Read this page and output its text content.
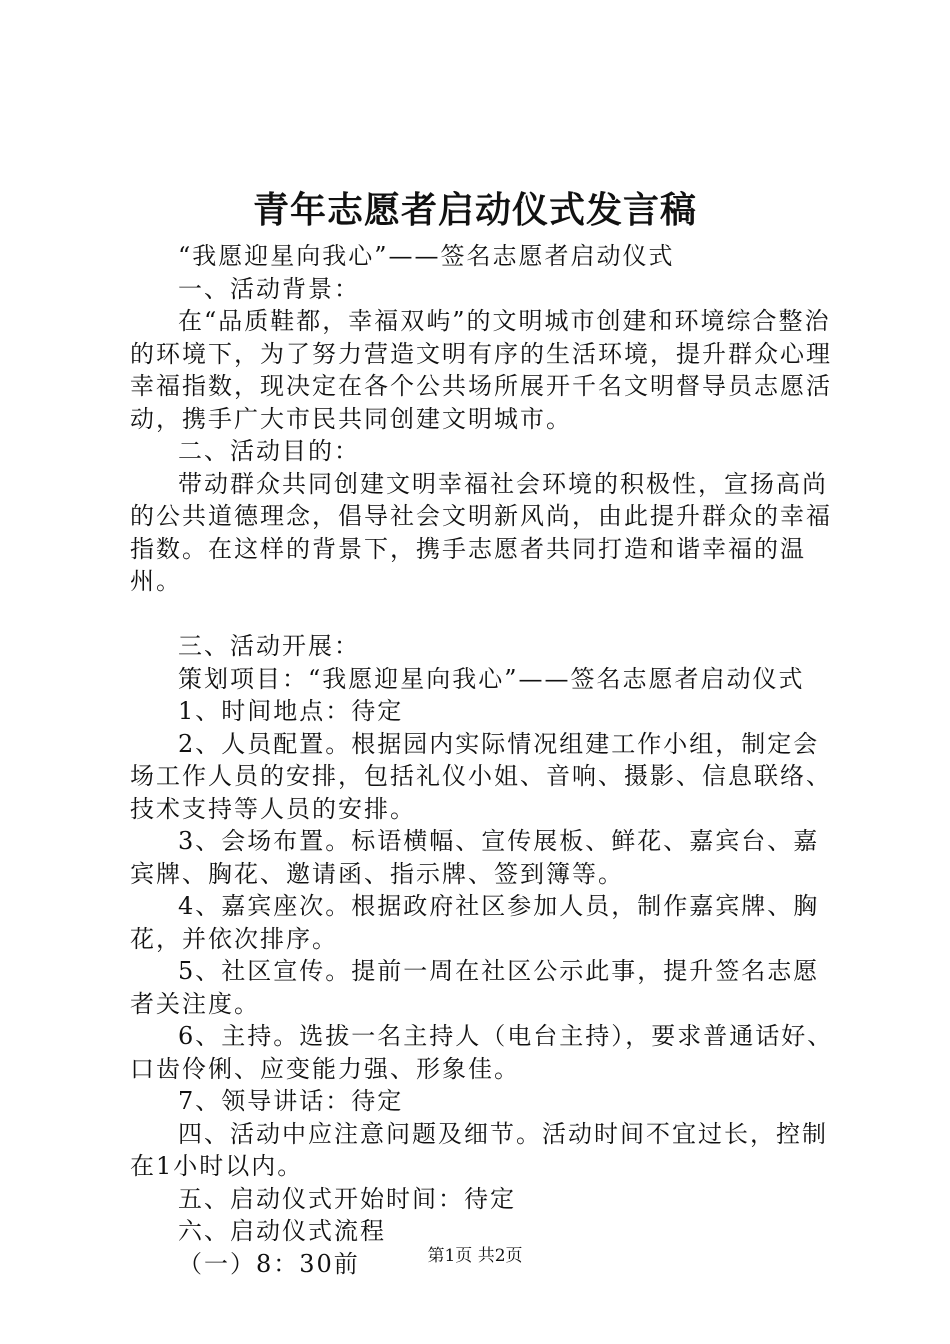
青年志愿者启动仪式发言稿

“我愿迎星向我心”——签名志愿者启动仪式

一、活动背景：

在“品质鞋都，幸福双屿”的文明城市创建和环境综合整治的环境下，为了努力营造文明有序的生活环境，提升群众心理幸福指数，现决定在各个公共场所展开千名文明督导员志愿活动，携手广大市民共同创建文明城市。

二、活动目的：

带动群众共同创建文明幸福社会环境的积极性，宣扬高尚的公共道德理念，倡导社会文明新风尚，由此提升群众的幸福指数。在这样的背景下，携手志愿者共同打造和谐幸福的温州。

三、活动开展：

策划项目：“我愿迎星向我心”——签名志愿者启动仪式

1、时间地点：待定

2、人员配置。根据园内实际情况组建工作小组，制定会场工作人员的安排，包括礼仪小姐、音响、摄影、信息联络、技术支持等人员的安排。

3、会场布置。标语横幅、宣传展板、鲜花、嘉宾台、嘉宾牌、胸花、邀请函、指示牌、签到簿等。

4、嘉宾座次。根据政府社区参加人员，制作嘉宾牌、胸花，并依次排序。

5、社区宣传。提前一周在社区公示此事，提升签名志愿者关注度。

6、主持。选拔一名主持人（电台主持），要求普通话好、口齿伶俐、应变能力强、形象佳。

7、领导讲话：待定

四、活动中应注意问题及细节。活动时间不宜过长，控制在1小时以内。

五、启动仪式开始时间：待定

六、启动仪式流程

（一）8：30前	第1页 共2页
